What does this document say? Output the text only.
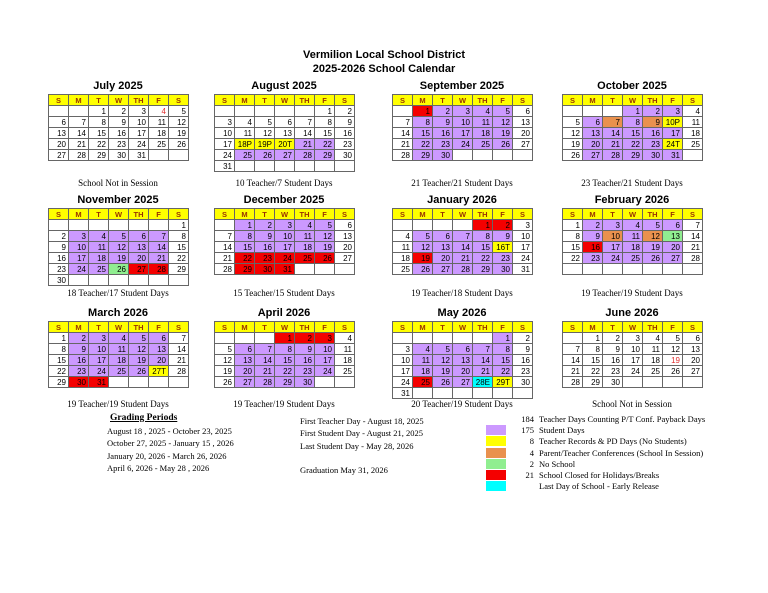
Vermilion Local School District
2025-2026 School Calendar
July 2025
S	M	T	W	TH	F	S
		1	2	3	4	5
6	7	8	9	10	11	12
13	14	15	16	17	18	19
20	21	22	23	24	25	26
27	28	29	30	31		
School Not in Session
August 2025
S	M	T	W	TH	F	S
					1	2
3	4	5	6	7	8	9
10	11	12	13	14	15	16
17	18P	19P	20T	21	22	23
24	25	26	27	28	29	30
31						
10 Teacher/7 Student Days
September 2025
S	M	T	W	TH	F	S
	1	2	3	4	5	6
7	8	9	10	11	12	13
14	15	16	17	18	19	20
21	22	23	24	25	26	27
28	29	30				
21 Teacher/21 Student Days
October 2025
S	M	T	W	TH	F	S
			1	2	3	4
5	6	7	8	9	10P	11
12	13	14	15	16	17	18
19	20	21	22	23	24T	25
26	27	28	29	30	31	
23 Teacher/21 Student Days
November 2025
S	M	T	W	TH	F	S
						1
2	3	4	5	6	7	8
9	10	11	12	13	14	15
16	17	18	19	20	21	22
23	24	25	26	27	28	29
30						
18 Teacher/17 Student Days
December 2025
S	M	T	W	TH	F	S
	1	2	3	4	5	6
7	8	9	10	11	12	13
14	15	16	17	18	19	20
21	22	23	24	25	26	27
28	29	30	31			
15 Teacher/15 Student Days
January 2026
S	M	T	W	TH	F	S
				1	2	3
4	5	6	7	8	9	10
11	12	13	14	15	16T	17
18	19	20	21	22	23	24
25	26	27	28	29	30	31
19 Teacher/18 Student Days
February 2026
S	M	T	W	TH	F	S
1	2	3	4	5	6	7
8	9	10	11	12	13	14
15	16	17	18	19	20	21
22	23	24	25	26	27	28

19 Teacher/19 Student Days
March 2026
S	M	T	W	TH	F	S
1	2	3	4	5	6	7
8	9	10	11	12	13	14
15	16	17	18	19	20	21
22	23	24	25	26	27T	28
29	30	31				
19 Teacher/19 Student Days
April 2026
S	M	T	W	TH	F	S
			1	2	3	4
5	6	7	8	9	10	11
12	13	14	15	16	17	18
19	20	21	22	23	24	25
26	27	28	29	30		
19 Teacher/19 Student Days
May 2026
S	M	T	W	TH	F	S
					1	2
3	4	5	6	7	8	9
10	11	12	13	14	15	16
17	18	19	20	21	22	23
24	25	26	27	28E	29T	30
31						
20 Teacher/19 Student Days
June 2026
S	M	T	W	TH	F	S
	1	2	3	4	5	6
7	8	9	10	11	12	13
14	15	16	17	18	19	20
21	22	23	24	25	26	27
28	29	30				
School Not in Session
Grading Periods
August 18 , 2025 - October 23, 2025
October 27, 2025 - January 15 , 2026
January 20, 2026 - March 26, 2026
April 6, 2026 - May 28 , 2026
First Teacher Day - August 18, 2025
First Student Day - August 21, 2025
Last Student Day - May 28, 2026
Graduation May 31, 2026
184 Teacher Days Counting P/T Conf. Payback Days
175 Student Days
8 Teacher Records & PD Days (No Students)
4 Parent/Teacher Conferences (School In Session)
2 No School
21 School Closed for Holidays/Breaks
Last Day of School - Early Release
